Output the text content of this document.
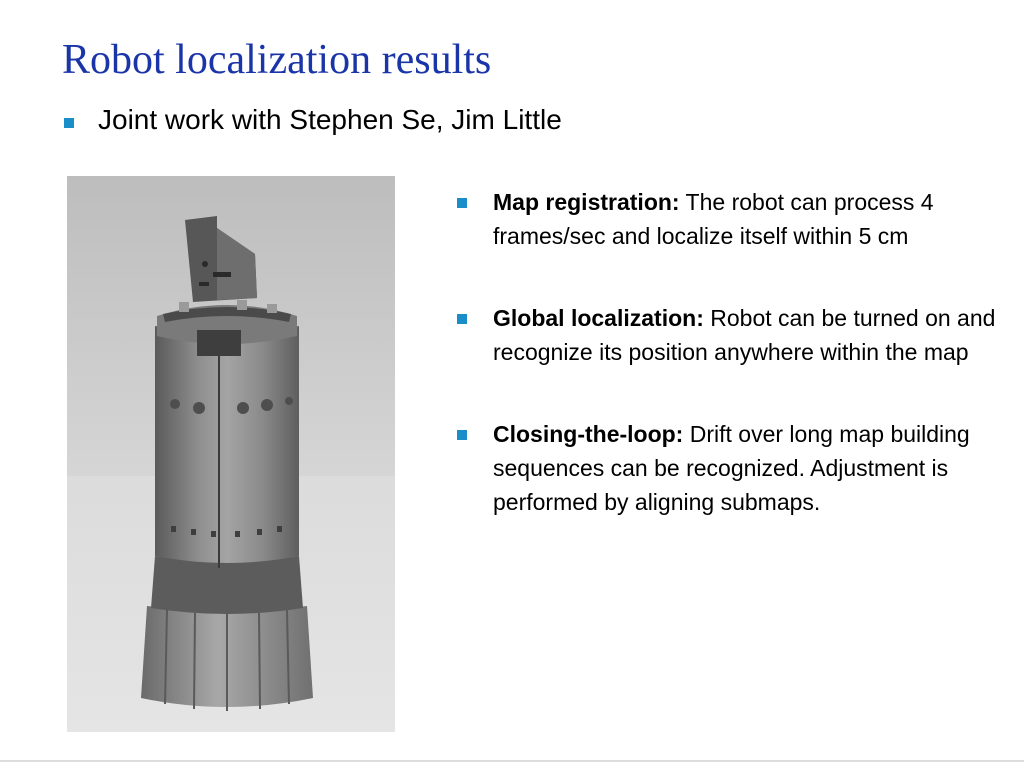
Robot localization results
Joint work with Stephen Se, Jim Little
Map registration: The robot can process 4 frames/sec and localize itself within 5 cm
Global localization: Robot can be turned on and recognize its position anywhere within the map
Closing-the-loop: Drift over long map building sequences can be recognized. Adjustment is performed by aligning submaps.
